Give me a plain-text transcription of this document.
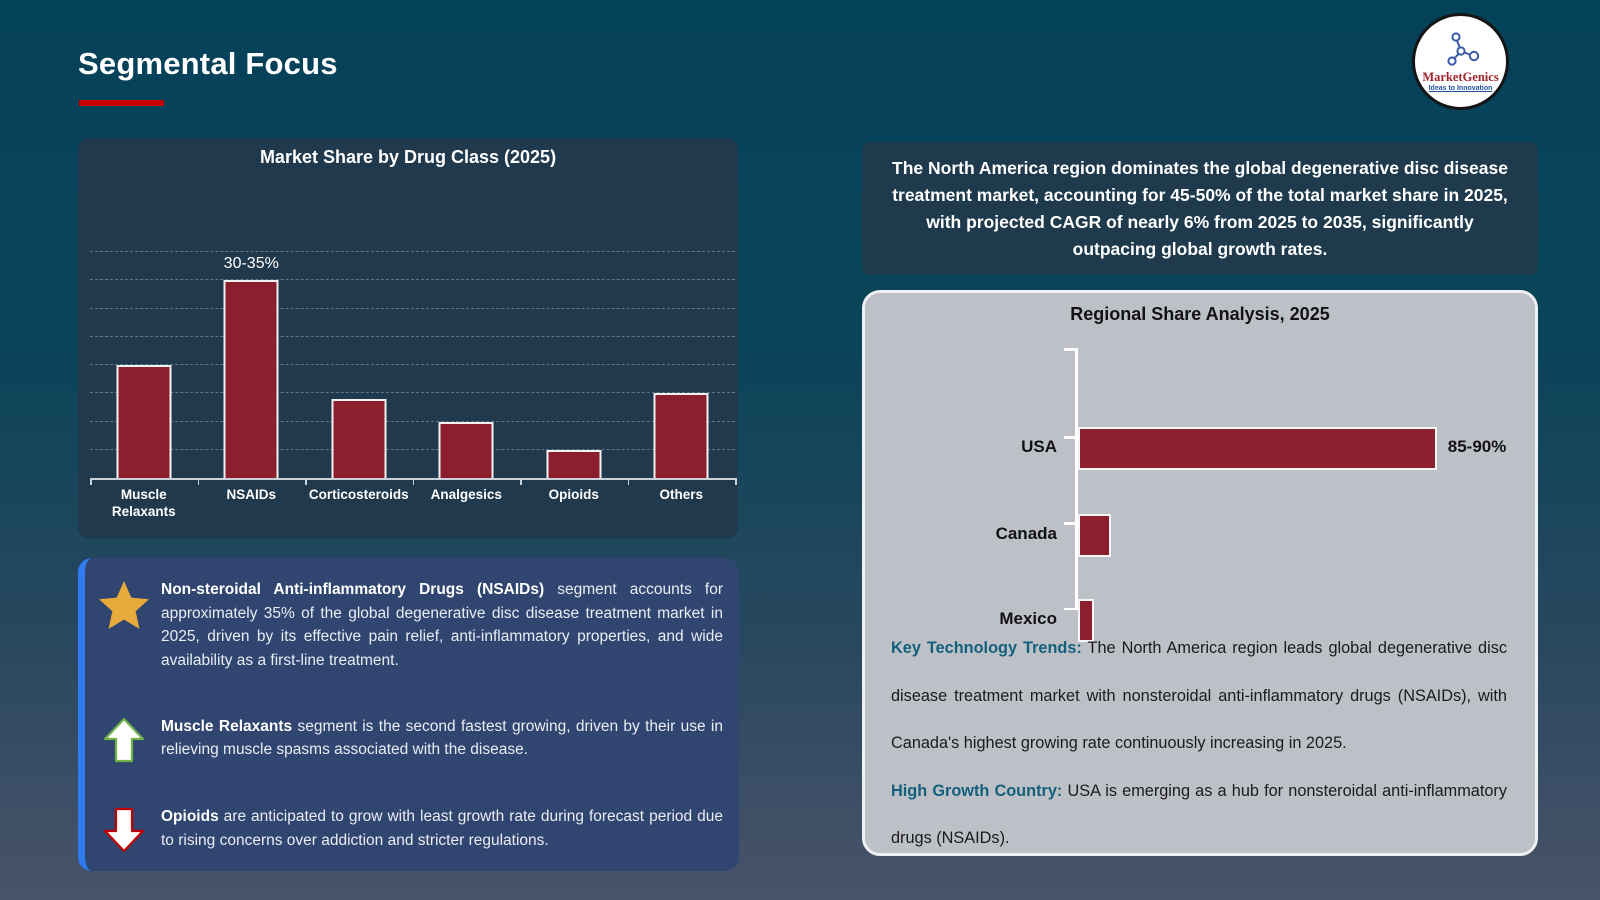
Segmental Focus	MarketGenics
Ideas to Innovation
Market Share by Drug Class (2025)
30-35%
Muscle Relaxants
NSAIDs Corticosteroids Analgesics	Opioids	Others
Non-steroidal Anti-inflammatory Drugs (NSAIDs) segment accounts for approximately 35% of the global degenerative disc disease treatment market in 2025, driven by its effective pain relief, anti-inflammatory properties, and wide availability as a first-line treatment.
Muscle Relaxants segment is the second fastest growing, driven by their use in relieving muscle spasms associated with the disease.
Opioids are anticipated to grow with least growth rate during forecast period due to rising concerns over addiction and stricter regulations.
The North America region dominates the global degenerative disc disease treatment market, accounting for 45-50% of the total market share in 2025, with projected CAGR of nearly 6% from 2025 to 2035, significantly outpacing global growth rates.
Regional Share Analysis, 2025
USA	85-90%
Canada
Mexico

Key Technology Trends: The North America region leads global degenerative disc disease treatment market with nonsteroidal anti-inflammatory drugs (NSAIDs), with Canada's highest growing rate continuously increasing in 2025.

High Growth Country: USA is emerging as a hub for nonsteroidal anti-inflammatory drugs (NSAIDs).
